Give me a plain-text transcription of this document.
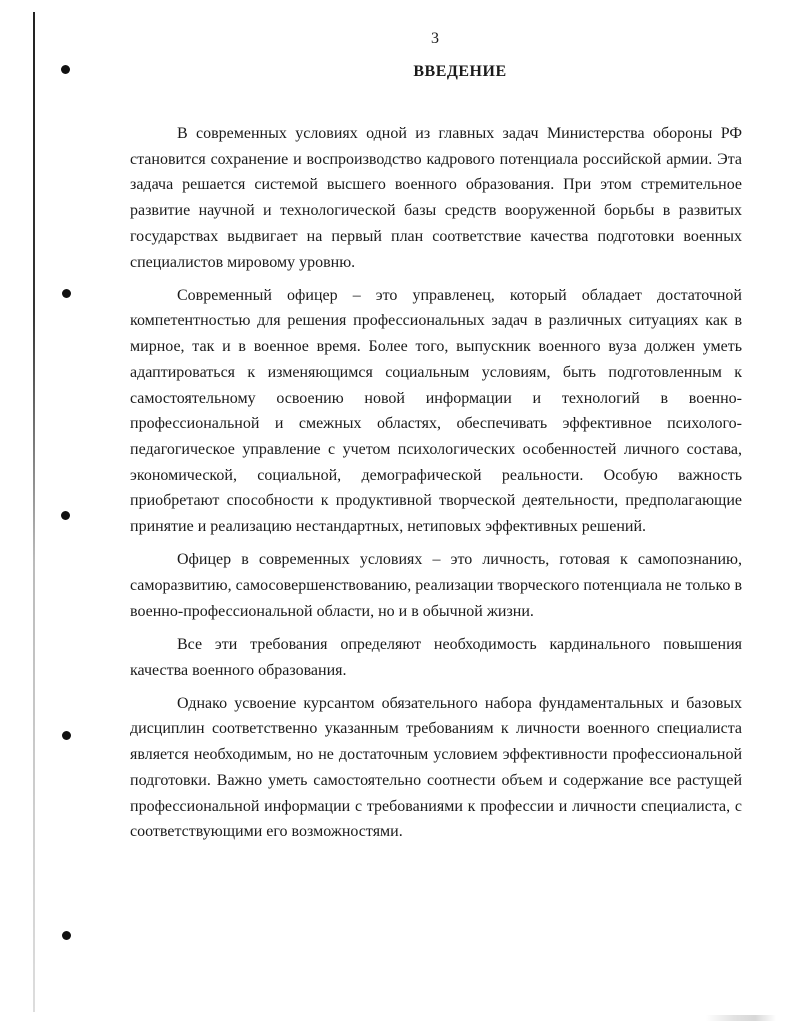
3
ВВЕДЕНИЕ

В современных условиях одной из главных задач Министерства обороны РФ становится сохранение и воспроизводство кадрового потенциала российской армии. Эта задача решается системой высшего военного образования. При этом стремительное развитие научной и технологической базы средств вооруженной борьбы в развитых государствах выдвигает на первый план соответствие качества подготовки военных специалистов мировому уровню.

Современный офицер – это управленец, который обладает достаточной компетентностью для решения профессиональных задач в различных ситуациях как в мирное, так и в военное время. Более того, выпускник военного вуза должен уметь адаптироваться к изменяющимся социальным условиям, быть подготовленным к самостоятельному освоению новой информации и технологий в военно-профессиональной и смежных областях, обеспечивать эффективное психолого-педагогическое управление с учетом психологических особенностей личного состава, экономической, социальной, демографической реальности. Особую важность приобретают способности к продуктивной творческой деятельности, предполагающие принятие и реализацию нестандартных, нетиповых эффективных решений.

Офицер в современных условиях – это личность, готовая к самопознанию, саморазвитию, самосовершенствованию, реализации творческого потенциала не только в военно-профессиональной области, но и в обычной жизни.

Все эти требования определяют необходимость кардинального повышения качества военного образования.

Однако усвоение курсантом обязательного набора фундаментальных и базовых дисциплин соответственно указанным требованиям к личности военного специалиста является необходимым, но не достаточным условием эффективности профессиональной подготовки. Важно уметь самостоятельно соотнести объем и содержание все растущей профессиональной информации с требованиями к профессии и личности специалиста, с соответствующими его возможностями.
